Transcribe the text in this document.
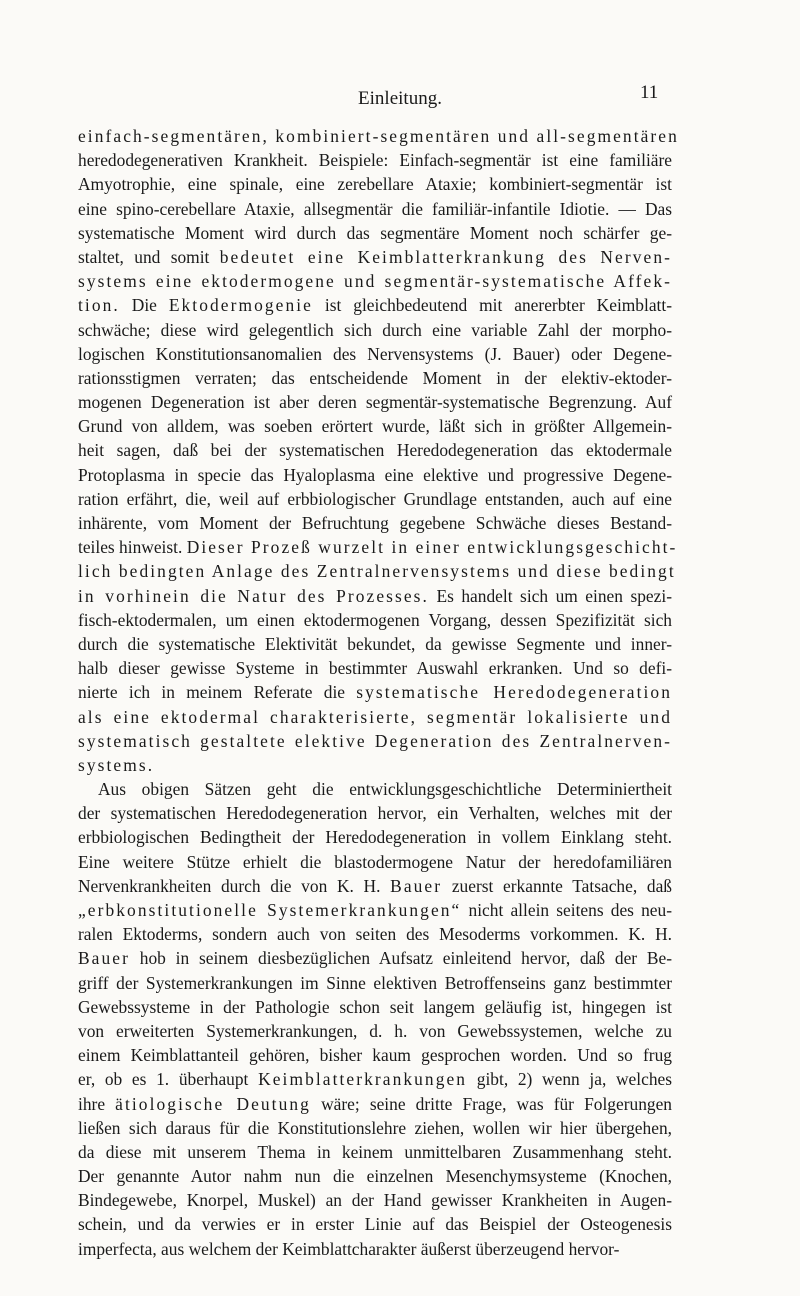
Einleitung.	11
einfach-segmentären, kombiniert-segmentären und all-segmentären
heredodegenerativen Krankheit. Beispiele: Einfach-segmentär ist eine familiäre
Amyotrophie, eine spinale, eine zerebellare Ataxie; kombiniert-segmentär ist
eine spino-cerebellare Ataxie, allsegmentär die familiär-infantile Idiotie. — Das
systematische Moment wird durch das segmentäre Moment noch schärfer ge-
staltet, und somit bedeutet eine Keimblatterkrankung des Nerven-
systems eine ektodermogene und segmentär-systematische Affek-
tion. Die Ektodermogenie ist gleichbedeutend mit anererbter Keimblatt-
schwäche; diese wird gelegentlich sich durch eine variable Zahl der morpho-
logischen Konstitutionsanomalien des Nervensystems (J. Bauer) oder Degene-
rationsstigmen verraten; das entscheidende Moment in der elektiv-ektoder-
mogenen Degeneration ist aber deren segmentär-systematische Begrenzung. Auf
Grund von alldem, was soeben erörtert wurde, läßt sich in größter Allgemein-
heit sagen, daß bei der systematischen Heredodegeneration das ektodermale
Protoplasma in specie das Hyaloplasma eine elektive und progressive Degene-
ration erfährt, die, weil auf erbbiologischer Grundlage entstanden, auch auf eine
inhärente, vom Moment der Befruchtung gegebene Schwäche dieses Bestand-
teiles hinweist. Dieser Prozeß wurzelt in einer entwicklungsgeschicht-
lich bedingten Anlage des Zentralnervensystems und diese bedingt
in vorhinein die Natur des Prozesses. Es handelt sich um einen spezi-
fisch-ektodermalen, um einen ektodermogenen Vorgang, dessen Spezifizität sich
durch die systematische Elektivität bekundet, da gewisse Segmente und inner-
halb dieser gewisse Systeme in bestimmter Auswahl erkranken. Und so defi-
nierte ich in meinem Referate die systematische Heredodegeneration
als eine ektodermal charakterisierte, segmentär lokalisierte und
systematisch gestaltete elektive Degeneration des Zentralnerven-
systems.
Aus obigen Sätzen geht die entwicklungsgeschichtliche Determiniertheit
der systematischen Heredodegeneration hervor, ein Verhalten, welches mit der
erbbiologischen Bedingtheit der Heredodegeneration in vollem Einklang steht.
Eine weitere Stütze erhielt die blastodermogene Natur der heredofamiliären
Nervenkrankheiten durch die von K. H. Bauer zuerst erkannte Tatsache, daß
„erbkonstitutionelle Systemerkrankungen“ nicht allein seitens des neu-
ralen Ektoderms, sondern auch von seiten des Mesoderms vorkommen. K. H.
Bauer hob in seinem diesbezüglichen Aufsatz einleitend hervor, daß der Be-
griff der Systemerkrankungen im Sinne elektiven Betroffenseins ganz bestimmter
Gewebssysteme in der Pathologie schon seit langem geläufig ist, hingegen ist
von erweiterten Systemerkrankungen, d. h. von Gewebssystemen, welche zu
einem Keimblattanteil gehören, bisher kaum gesprochen worden. Und so frug
er, ob es 1. überhaupt Keimblatterkrankungen gibt, 2) wenn ja, welches
ihre ätiologische Deutung wäre; seine dritte Frage, was für Folgerungen
ließen sich daraus für die Konstitutionslehre ziehen, wollen wir hier übergehen,
da diese mit unserem Thema in keinem unmittelbaren Zusammenhang steht.
Der genannte Autor nahm nun die einzelnen Mesenchymsysteme (Knochen,
Bindegewebe, Knorpel, Muskel) an der Hand gewisser Krankheiten in Augen-
schein, und da verwies er in erster Linie auf das Beispiel der Osteogenesis
imperfecta, aus welchem der Keimblattcharakter äußerst überzeugend hervor-
